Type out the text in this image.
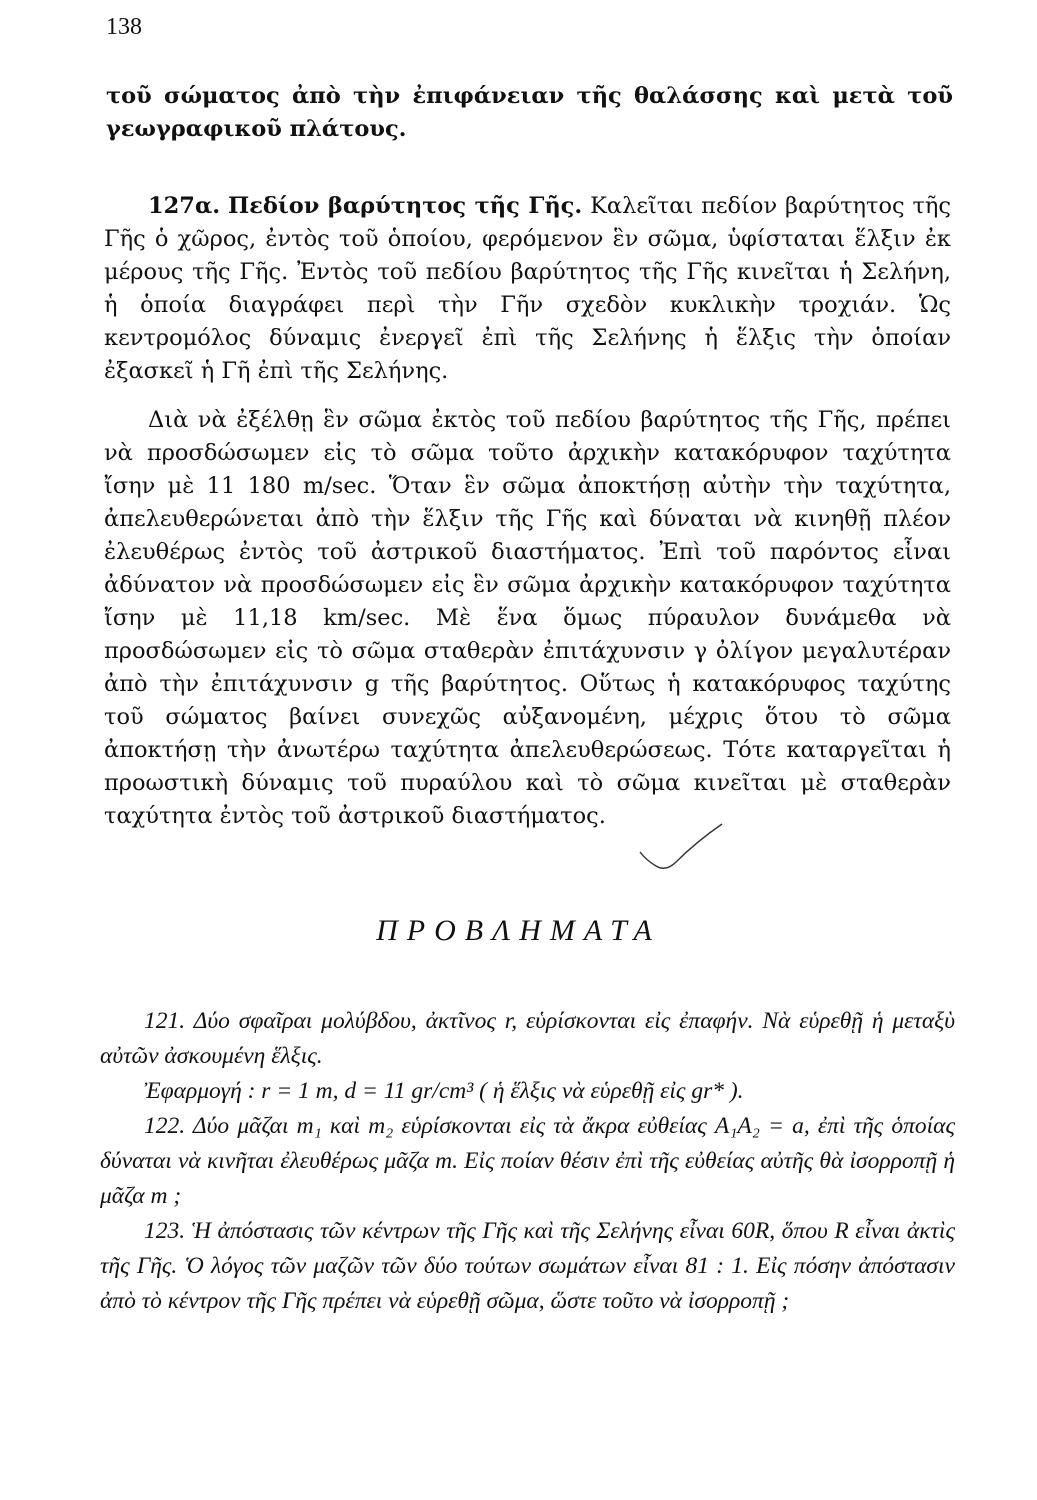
138

τοῦ σώματος ἀπὸ τὴν ἐπιφάνειαν τῆς θαλάσσης καὶ μετὰ τοῦ γεωγραφικοῦ πλάτους.

127α. Πεδίον βαρύτητος τῆς Γῆς. Καλεῖται πεδίον βαρύτητος τῆς Γῆς ὁ χῶρος, ἐντὸς τοῦ ὁποίου, φερόμενον ἓν σῶμα, ὑφίσταται ἕλξιν ἐκ μέρους τῆς Γῆς. Ἐντὸς τοῦ πεδίου βαρύτητος τῆς Γῆς κινεῖται ἡ Σελήνη, ἡ ὁποία διαγράφει περὶ τὴν Γῆν σχεδὸν κυκλικὴν τροχιάν. Ὡς κεντρομόλος δύναμις ἐνεργεῖ ἐπὶ τῆς Σελήνης ἡ ἕλξις τὴν ὁποίαν ἐξασκεῖ ἡ Γῆ ἐπὶ τῆς Σελήνης.

Διὰ νὰ ἐξέλθῃ ἓν σῶμα ἐκτὸς τοῦ πεδίου βαρύτητος τῆς Γῆς, πρέπει νὰ προσδώσωμεν εἰς τὸ σῶμα τοῦτο ἀρχικὴν κατακόρυφον ταχύτητα ἴσην μὲ 11 180 m/sec. Ὅταν ἓν σῶμα ἀποκτήσῃ αὐτὴν τὴν ταχύτητα, ἀπελευθερώνεται ἀπὸ τὴν ἕλξιν τῆς Γῆς καὶ δύναται νὰ κινηθῇ πλέον ἐλευθέρως ἐντὸς τοῦ ἀστρικοῦ διαστήματος. Ἐπὶ τοῦ παρόντος εἶναι ἀδύνατον νὰ προσδώσωμεν εἰς ἓν σῶμα ἀρχικὴν κατακόρυφον ταχύτητα ἴσην μὲ 11,18 km/sec. Μὲ ἕνα ὅμως πύραυλον δυνάμεθα νὰ προσδώσωμεν εἰς τὸ σῶμα σταθερὰν ἐπιτάχυνσιν γ ὀλίγον μεγαλυτέραν ἀπὸ τὴν ἐπιτάχυνσιν g τῆς βαρύτητος. Οὕτως ἡ κατακόρυφος ταχύτης τοῦ σώματος βαίνει συνεχῶς αὐξανομένη, μέχρις ὅτου τὸ σῶμα ἀποκτήσῃ τὴν ἀνωτέρω ταχύτητα ἀπελευθερώσεως. Τότε καταργεῖται ἡ προωστικὴ δύναμις τοῦ πυραύλου καὶ τὸ σῶμα κινεῖται μὲ σταθερὰν ταχύτητα ἐντὸς τοῦ ἀστρικοῦ διαστήματος.

ΠΡΟΒΛΗΜΑΤΑ

121. Δύο σφαῖραι μολύβδου, ἀκτῖνος r, εὑρίσκονται εἰς ἐπαφήν. Νὰ εὑρεθῇ ἡ μεταξὺ αὐτῶν ἀσκουμένη ἕλξις.

Ἐφαρμογή : r = 1 m, d = 11 gr/cm³ ( ἡ ἕλξις νὰ εὑρεθῇ εἰς gr* ).

122. Δύο μᾶζαι m₁ καὶ m₂ εὑρίσκονται εἰς τὰ ἄκρα εὐθείας A₁A₂ = a, ἐπὶ τῆς ὁποίας δύναται νὰ κινῆται ἐλευθέρως μᾶζα m. Εἰς ποίαν θέσιν ἐπὶ τῆς εὐθείας αὐτῆς θὰ ἰσορροπῇ ἡ μᾶζα m ;

123. Ἡ ἀπόστασις τῶν κέντρων τῆς Γῆς καὶ τῆς Σελήνης εἶναι 60R, ὅπου R εἶναι ἀκτὶς τῆς Γῆς. Ὁ λόγος τῶν μαζῶν τῶν δύο τούτων σωμάτων εἶναι 81 : 1. Εἰς πόσην ἀπόστασιν ἀπὸ τὸ κέντρον τῆς Γῆς πρέπει νὰ εὑρεθῇ σῶμα, ὥστε τοῦτο νὰ ἰσορροπῇ ;
